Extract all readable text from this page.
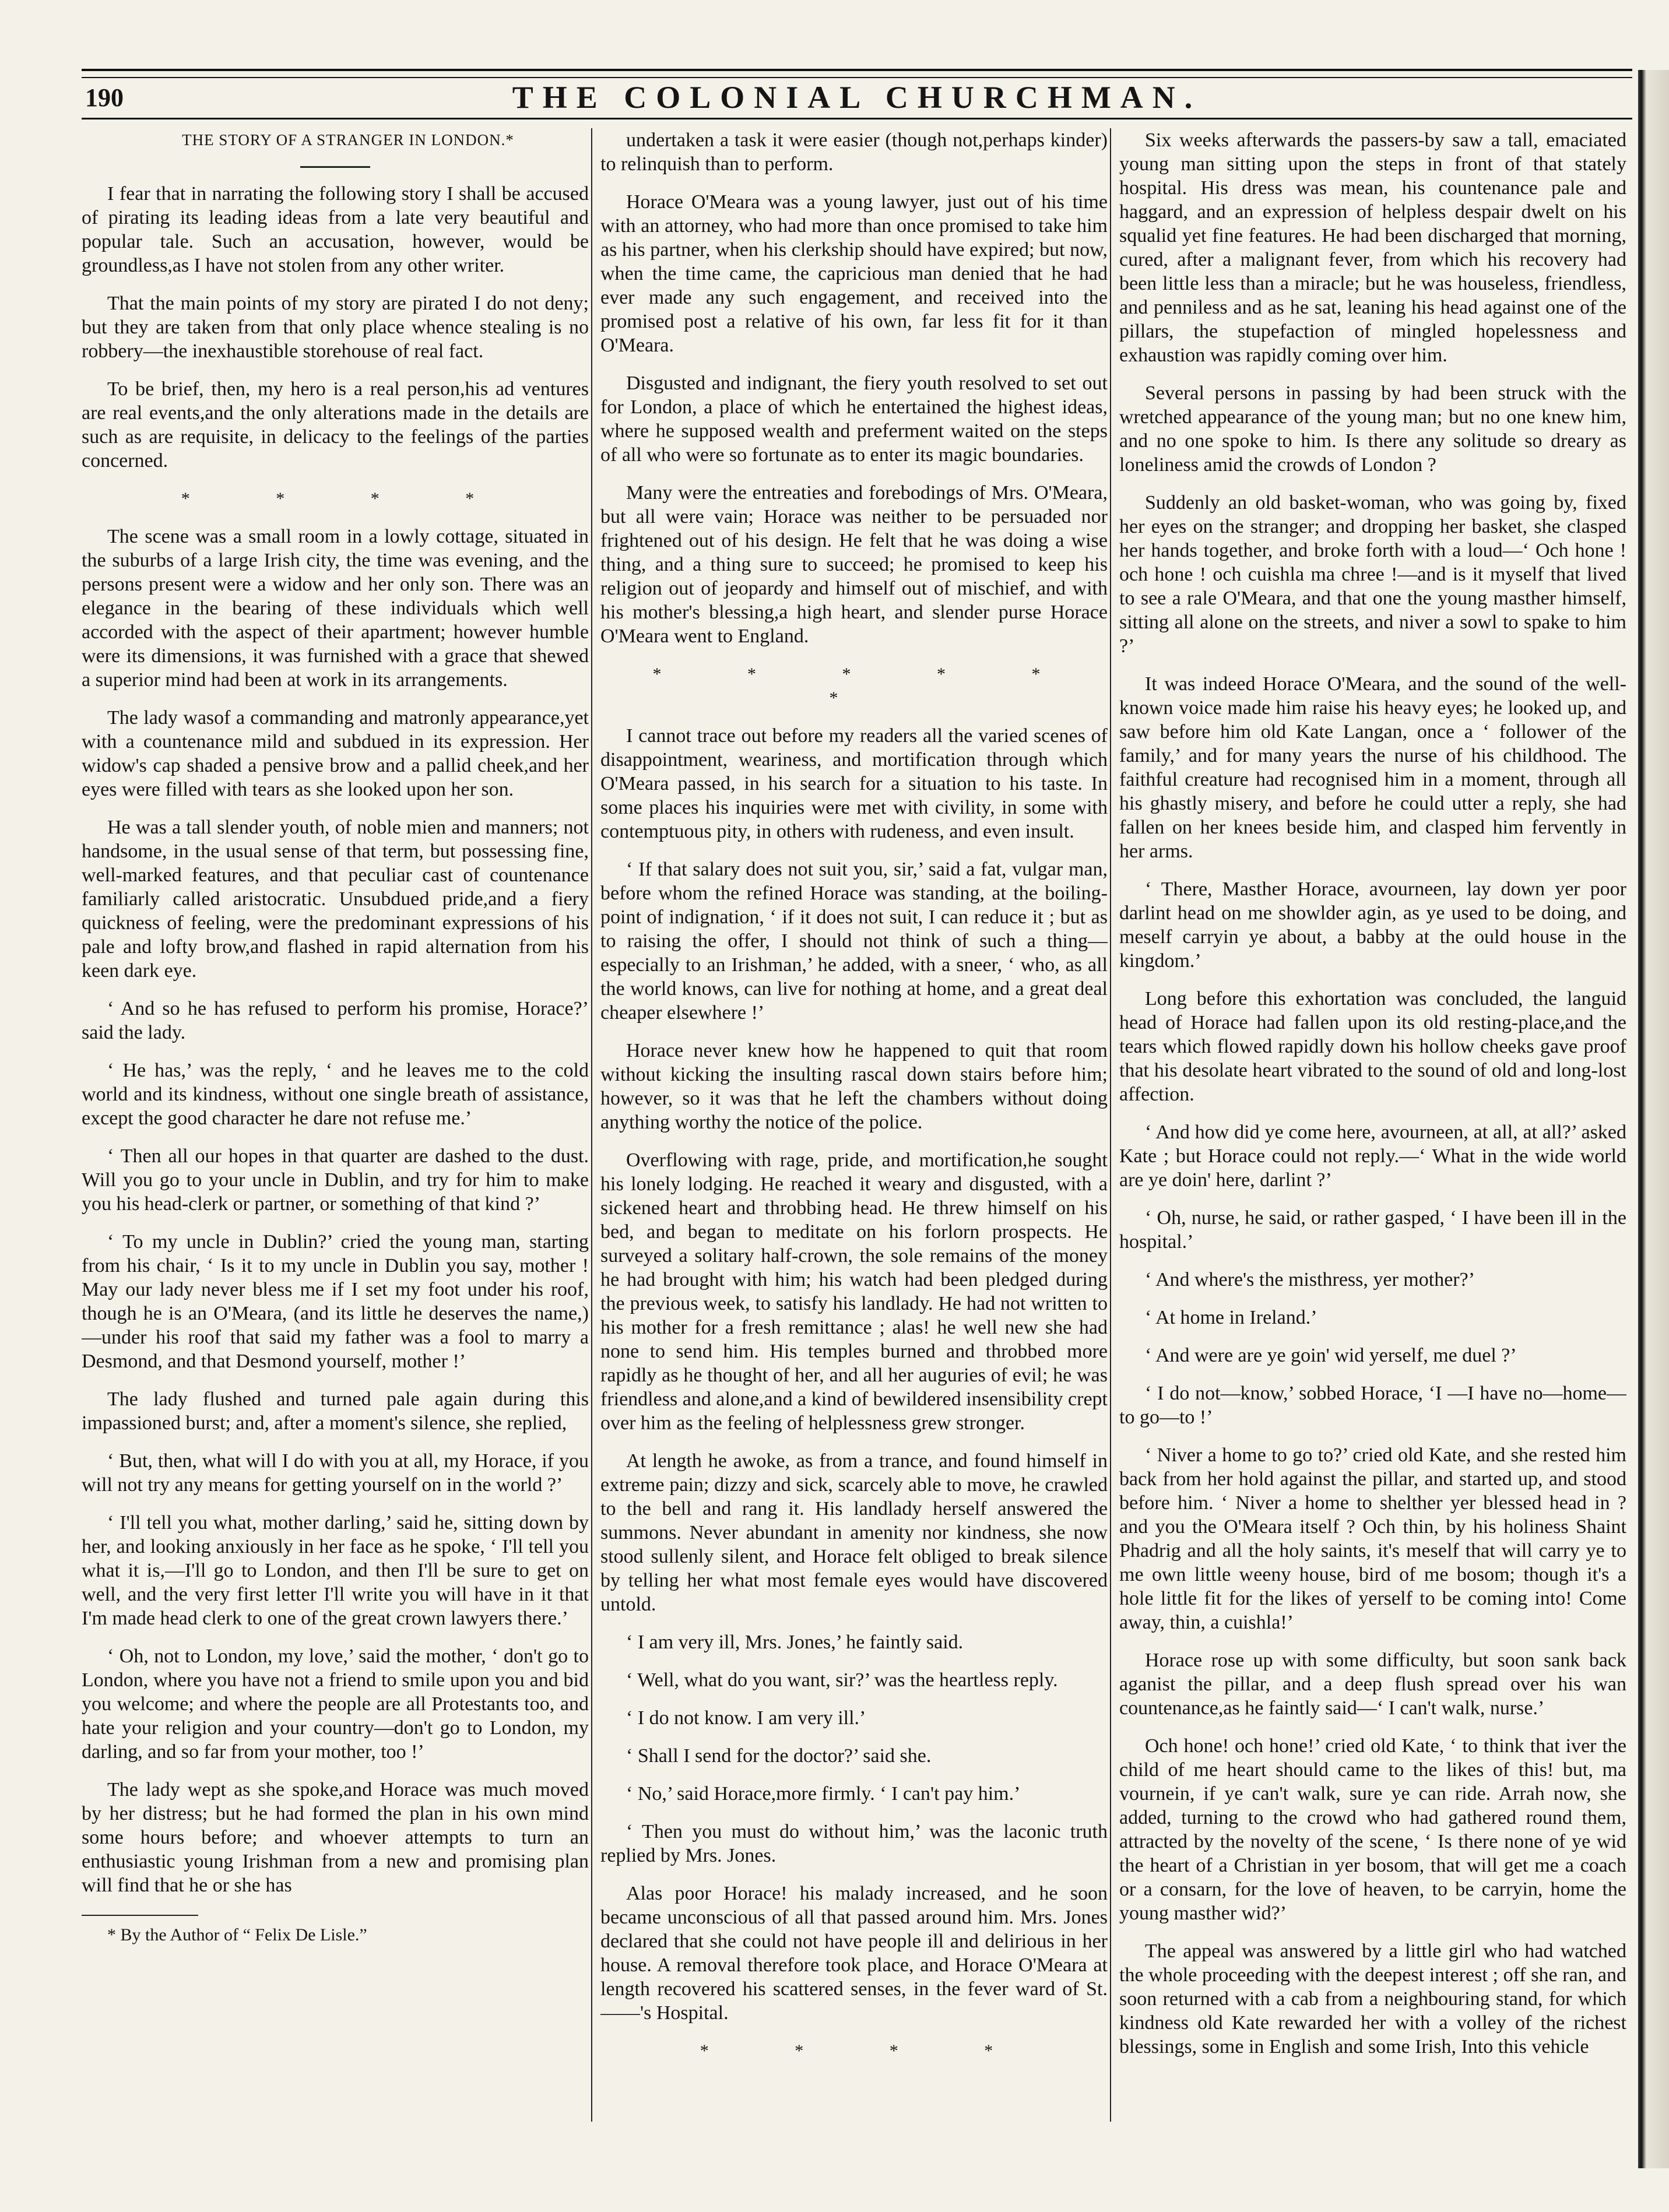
190	THE COLONIAL CHURCHMAN.

THE STORY OF A STRANGER IN LONDON.*

I fear that in narrating the following story I shall be accused of pirating its leading ideas from a late very beautiful and popular tale. Such an accusation, however, would be groundless,as I have not stolen from any other writer.

That the main points of my story are pirated I do not deny; but they are taken from that only place whence stealing is no robbery—the inexhaustible storehouse of real fact.

To be brief, then, my hero is a real person,his ad ventures are real events,and the only alterations made in the details are such as are requisite, in delicacy to the feelings of the parties concerned.

* * * *

The scene was a small room in a lowly cottage, situated in the suburbs of a large Irish city, the time was evening, and the persons present were a widow and her only son. There was an elegance in the bearing of these individuals which well accorded with the aspect of their apartment; however humble were its dimensions, it was furnished with a grace that shewed a superior mind had been at work in its arrangements.

The lady wasof a commanding and matronly appearance,yet with a countenance mild and subdued in its expression. Her widow's cap shaded a pensive brow and a pallid cheek,and her eyes were filled with tears as she looked upon her son.

He was a tall slender youth, of noble mien and manners; not handsome, in the usual sense of that term, but possessing fine, well-marked features, and that peculiar cast of countenance familiarly called aristocratic. Unsubdued pride,and a fiery quickness of feeling, were the predominant expressions of his pale and lofty brow,and flashed in rapid alternation from his keen dark eye.

‘ And so he has refused to perform his promise, Horace?’ said the lady.

‘ He has,’ was the reply, ‘ and he leaves me to the cold world and its kindness, without one single breath of assistance, except the good character he dare not refuse me.’

‘ Then all our hopes in that quarter are dashed to the dust. Will you go to your uncle in Dublin, and try for him to make you his head-clerk or partner, or something of that kind ?’

‘ To my uncle in Dublin?’ cried the young man, starting from his chair, ‘ Is it to my uncle in Dublin you say, mother ! May our lady never bless me if I set my foot under his roof, though he is an O'Meara, (and its little he deserves the name,)—under his roof that said my father was a fool to marry a Desmond, and that Desmond yourself, mother !’

The lady flushed and turned pale again during this impassioned burst; and, after a moment's silence, she replied,

‘ But, then, what will I do with you at all, my Horace, if you will not try any means for getting yourself on in the world ?’

‘ I'll tell you what, mother darling,’ said he, sitting down by her, and looking anxiously in her face as he spoke, ‘ I'll tell you what it is,—I'll go to London, and then I'll be sure to get on well, and the very first letter I'll write you will have in it that I'm made head clerk to one of the great crown lawyers there.’

‘ Oh, not to London, my love,’ said the mother, ‘ don't go to London, where you have not a friend to smile upon you and bid you welcome; and where the people are all Protestants too, and hate your religion and your country—don't go to London, my darling, and so far from your mother, too !’

The lady wept as she spoke,and Horace was much moved by her distress; but he had formed the plan in his own mind some hours before; and whoever attempts to turn an enthusiastic young Irishman from a new and promising plan will find that he or she has

* By the Author of “ Felix De Lisle.”

undertaken a task it were easier (though not,perhaps kinder) to relinquish than to perform.

Horace O'Meara was a young lawyer, just out of his time with an attorney, who had more than once promised to take him as his partner, when his clerkship should have expired; but now, when the time came, the capricious man denied that he had ever made any such engagement, and received into the promised post a relative of his own, far less fit for it than O'Meara.

Disgusted and indignant, the fiery youth resolved to set out for London, a place of which he entertained the highest ideas, where he supposed wealth and preferment waited on the steps of all who were so fortunate as to enter its magic boundaries.

Many were the entreaties and forebodings of Mrs. O'Meara, but all were vain; Horace was neither to be persuaded nor frightened out of his design. He felt that he was doing a wise thing, and a thing sure to succeed; he promised to keep his religion out of jeopardy and himself out of mischief, and with his mother's blessing,a high heart, and slender purse Horace O'Meara went to England.

* * * * * *

I cannot trace out before my readers all the varied scenes of disappointment, weariness, and mortification through which O'Meara passed, in his search for a situation to his taste. In some places his inquiries were met with civility, in some with contemptuous pity, in others with rudeness, and even insult.

‘ If that salary does not suit you, sir,’ said a fat, vulgar man, before whom the refined Horace was standing, at the boiling-point of indignation, ‘ if it does not suit, I can reduce it ; but as to raising the offer, I should not think of such a thing—especially to an Irishman,’ he added, with a sneer, ‘ who, as all the world knows, can live for nothing at home, and a great deal cheaper elsewhere !’

Horace never knew how he happened to quit that room without kicking the insulting rascal down stairs before him; however, so it was that he left the chambers without doing anything worthy the notice of the police.

Overflowing with rage, pride, and mortification,he sought his lonely lodging. He reached it weary and disgusted, with a sickened heart and throbbing head. He threw himself on his bed, and began to meditate on his forlorn prospects. He surveyed a solitary half-crown, the sole remains of the money he had brought with him; his watch had been pledged during the previous week, to satisfy his landlady. He had not written to his mother for a fresh remittance ; alas! he well new she had none to send him. His temples burned and throbbed more rapidly as he thought of her, and all her auguries of evil; he was friendless and alone,and a kind of bewildered insensibility crept over him as the feeling of helplessness grew stronger.

At length he awoke, as from a trance, and found himself in extreme pain; dizzy and sick, scarcely able to move, he crawled to the bell and rang it. His landlady herself answered the summons. Never abundant in amenity nor kindness, she now stood sullenly silent, and Horace felt obliged to break silence by telling her what most female eyes would have discovered untold.

‘ I am very ill, Mrs. Jones,’ he faintly said.

‘ Well, what do you want, sir?’ was the heartless reply.

‘ I do not know. I am very ill.’

‘ Shall I send for the doctor?’ said she.

‘ No,’ said Horace,more firmly. ‘ I can't pay him.’

‘ Then you must do without him,’ was the laconic truth replied by Mrs. Jones.

Alas poor Horace! his malady increased, and he soon became unconscious of all that passed around him. Mrs. Jones declared that she could not have people ill and delirious in her house. A removal therefore took place, and Horace O'Meara at length recovered his scattered senses, in the fever ward of St.——'s Hospital.

* * * *

Six weeks afterwards the passers-by saw a tall, emaciated young man sitting upon the steps in front of that stately hospital. His dress was mean, his countenance pale and haggard, and an expression of helpless despair dwelt on his squalid yet fine features. He had been discharged that morning, cured, after a malignant fever, from which his recovery had been little less than a miracle; but he was houseless, friendless, and penniless and as he sat, leaning his head against one of the pillars, the stupefaction of mingled hopelessness and exhaustion was rapidly coming over him.

Several persons in passing by had been struck with the wretched appearance of the young man; but no one knew him, and no one spoke to him. Is there any solitude so dreary as loneliness amid the crowds of London ?

Suddenly an old basket-woman, who was going by, fixed her eyes on the stranger; and dropping her basket, she clasped her hands together, and broke forth with a loud—‘ Och hone ! och hone ! och cuishla ma chree !—and is it myself that lived to see a rale O'Meara, and that one the young masther himself, sitting all alone on the streets, and niver a sowl to spake to him ?’

It was indeed Horace O'Meara, and the sound of the well-known voice made him raise his heavy eyes; he looked up, and saw before him old Kate Langan, once a ‘ follower of the family,’ and for many years the nurse of his childhood. The faithful creature had recognised him in a moment, through all his ghastly misery, and before he could utter a reply, she had fallen on her knees beside him, and clasped him fervently in her arms.

‘ There, Masther Horace, avourneen, lay down yer poor darlint head on me showlder agin, as ye used to be doing, and meself carryin ye about, a babby at the ould house in the kingdom.’

Long before this exhortation was concluded, the languid head of Horace had fallen upon its old resting-place,and the tears which flowed rapidly down his hollow cheeks gave proof that his desolate heart vibrated to the sound of old and long-lost affection.

‘ And how did ye come here, avourneen, at all, at all?’ asked Kate ; but Horace could not reply.—‘ What in the wide world are ye doin' here, darlint ?’

‘ Oh, nurse, he said, or rather gasped, ‘ I have been ill in the hospital.’

‘ And where's the misthress, yer mother?’

‘ At home in Ireland.’

‘ And were are ye goin' wid yerself, me duel ?’

‘ I do not—know,’ sobbed Horace, ‘I —I have no—home—to go—to !’

‘ Niver a home to go to?’ cried old Kate, and she rested him back from her hold against the pillar, and started up, and stood before him. ‘ Niver a home to shelther yer blessed head in ? and you the O'Meara itself ? Och thin, by his holiness Shaint Phadrig and all the holy saints, it's meself that will carry ye to me own little weeny house, bird of me bosom; though it's a hole little fit for the likes of yerself to be coming into! Come away, thin, a cuishla!’

Horace rose up with some difficulty, but soon sank back aganist the pillar, and a deep flush spread over his wan countenance,as he faintly said—‘ I can't walk, nurse.’

Och hone! och hone!’ cried old Kate, ‘ to think that iver the child of me heart should came to the likes of this! but, ma vournein, if ye can't walk, sure ye can ride. Arrah now, she added, turning to the crowd who had gathered round them, attracted by the novelty of the scene, ‘ Is there none of ye wid the heart of a Christian in yer bosom, that will get me a coach or a consarn, for the love of heaven, to be carryin, home the young masther wid?’

The appeal was answered by a little girl who had watched the whole proceeding with the deepest interest ; off she ran, and soon returned with a cab from a neighbouring stand, for which kindness old Kate rewarded her with a volley of the richest blessings, some in English and some Irish, Into this vehicle
